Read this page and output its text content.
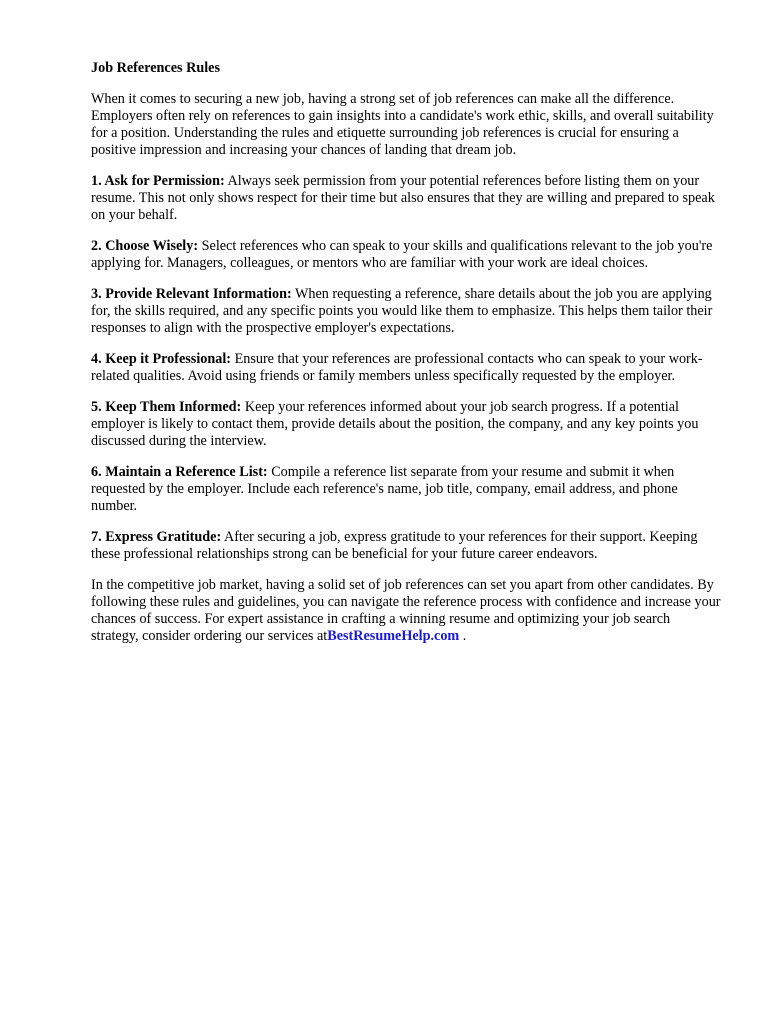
Job References Rules

When it comes to securing a new job, having a strong set of job references can make all the difference. Employers often rely on references to gain insights into a candidate's work ethic, skills, and overall suitability for a position. Understanding the rules and etiquette surrounding job references is crucial for ensuring a positive impression and increasing your chances of landing that dream job.

1. Ask for Permission: Always seek permission from your potential references before listing them on your resume. This not only shows respect for their time but also ensures that they are willing and prepared to speak on your behalf.

2. Choose Wisely: Select references who can speak to your skills and qualifications relevant to the job you're applying for. Managers, colleagues, or mentors who are familiar with your work are ideal choices.

3. Provide Relevant Information: When requesting a reference, share details about the job you are applying for, the skills required, and any specific points you would like them to emphasize. This helps them tailor their responses to align with the prospective employer's expectations.

4. Keep it Professional: Ensure that your references are professional contacts who can speak to your work-related qualities. Avoid using friends or family members unless specifically requested by the employer.

5. Keep Them Informed: Keep your references informed about your job search progress. If a potential employer is likely to contact them, provide details about the position, the company, and any key points you discussed during the interview.

6. Maintain a Reference List: Compile a reference list separate from your resume and submit it when requested by the employer. Include each reference's name, job title, company, email address, and phone number.

7. Express Gratitude: After securing a job, express gratitude to your references for their support. Keeping these professional relationships strong can be beneficial for your future career endeavors.

In the competitive job market, having a solid set of job references can set you apart from other candidates. By following these rules and guidelines, you can navigate the reference process with confidence and increase your chances of success. For expert assistance in crafting a winning resume and optimizing your job search strategy, consider ordering our services atBestResumeHelp.com .
